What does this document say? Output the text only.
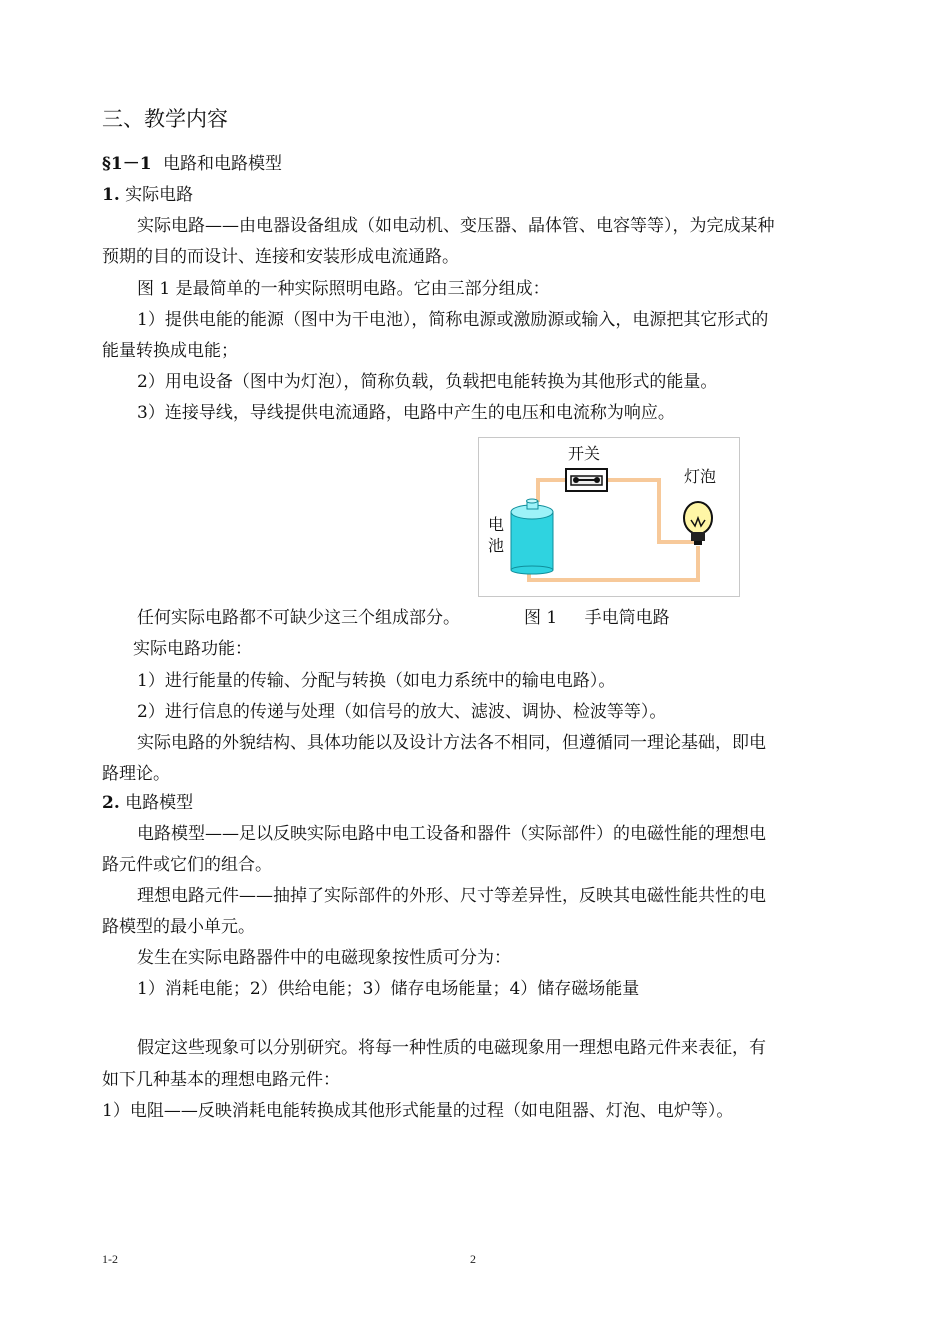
三、教学内容
§1－1 电路和电路模型
1. 实际电路
实际电路——由电器设备组成（如电动机、变压器、晶体管、电容等等），为完成某种
预期的目的而设计、连接和安装形成电流通路。
图 1 是最简单的一种实际照明电路。它由三部分组成：
1）提供电能的能源（图中为干电池），简称电源或激励源或输入，电源把其它形式的
能量转换成电能；
2）用电设备（图中为灯泡），简称负载，负载把电能转换为其他形式的能量。
3）连接导线，导线提供电流通路，电路中产生的电压和电流称为响应。
开关
灯泡
电
池
任何实际电路都不可缺少这三个组成部分。	图 1 手电筒电路
实际电路功能：
1）进行能量的传输、分配与转换（如电力系统中的输电电路）。
2）进行信息的传递与处理（如信号的放大、滤波、调协、检波等等）。
实际电路的外貌结构、具体功能以及设计方法各不相同，但遵循同一理论基础，即电
路理论。
2. 电路模型
电路模型——足以反映实际电路中电工设备和器件（实际部件）的电磁性能的理想电
路元件或它们的组合。
理想电路元件——抽掉了实际部件的外形、尺寸等差异性，反映其电磁性能共性的电
路模型的最小单元。
发生在实际电路器件中的电磁现象按性质可分为：
1）消耗电能；2）供给电能；3）储存电场能量；4）储存磁场能量
假定这些现象可以分别研究。将每一种性质的电磁现象用一理想电路元件来表征，有
如下几种基本的理想电路元件：
1）电阻——反映消耗电能转换成其他形式能量的过程（如电阻器、灯泡、电炉等）。
1-2	2
